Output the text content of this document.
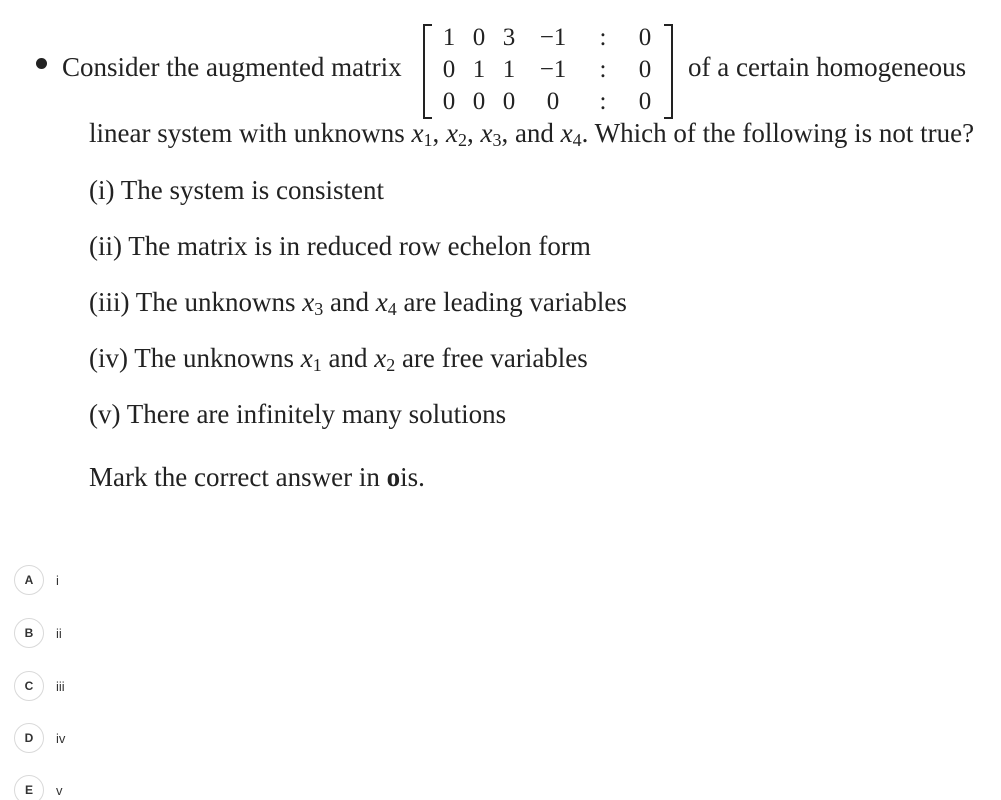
Consider the augmented matrix
1 0 3 −1	:	0
0 1 1 −1	:	0
0 0 0	0	:	0
of a certain homogeneous
linear system with unknowns $x_1$, $x_2$, $x_3$, and $x_4$. Which of the following is not true?
(i) The system is consistent
(ii) The matrix is in reduced row echelon form
(iii) The unknowns $x_3$ and $x_4$ are leading variables
(iv) The unknowns $x_1$ and $x_2$ are free variables
(v) There are infinitely many solutions
Mark the correct answer in ois.
A	i
B	ii
C	iii
D	iv
E	v
